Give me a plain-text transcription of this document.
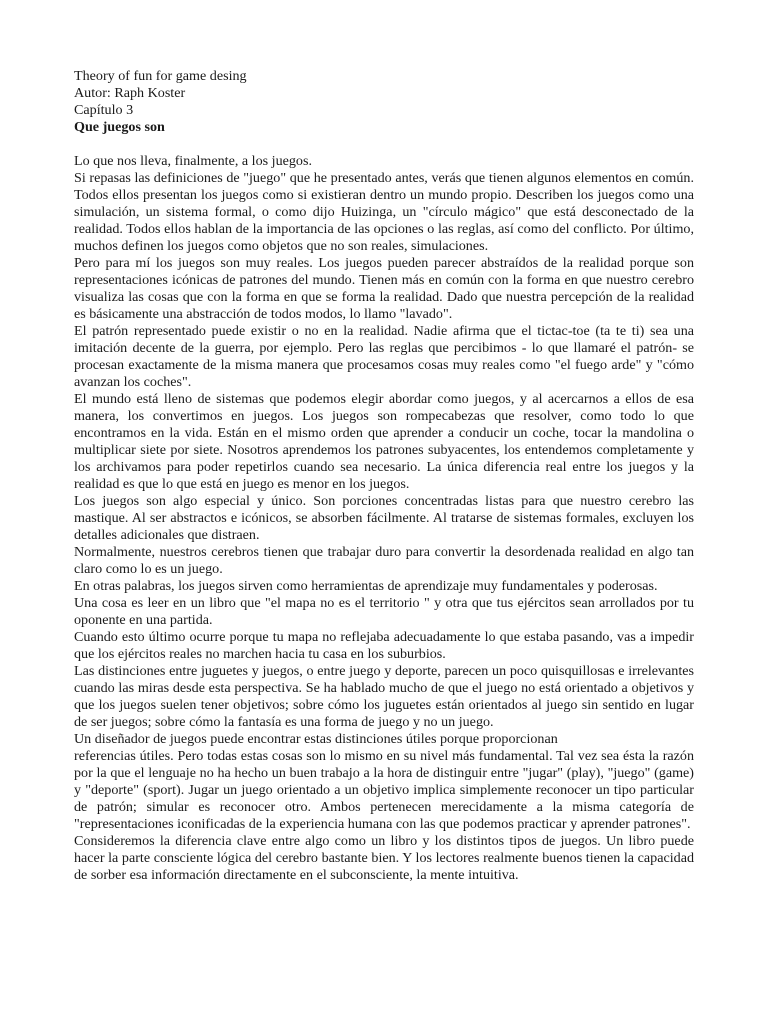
Theory of fun for game desing
Autor: Raph Koster
Capítulo 3
Que juegos son

Lo que nos lleva, finalmente, a los juegos.

Si repasas las definiciones de "juego" que he presentado antes, verás que tienen algunos elementos en común. Todos ellos presentan los juegos como si existieran dentro un mundo propio. Describen los juegos como una simulación, un sistema formal, o como dijo Huizinga, un "círculo mágico" que está desconectado de la realidad. Todos ellos hablan de la importancia de las opciones o las reglas, así como del conflicto. Por último, muchos definen los juegos como objetos que no son reales, simulaciones.

Pero para mí los juegos son muy reales. Los juegos pueden parecer abstraídos de la realidad porque son representaciones icónicas de patrones del mundo. Tienen más en común con la forma en que nuestro cerebro visualiza las cosas que con la forma en que se forma la realidad. Dado que nuestra percepción de la realidad es básicamente una abstracción de todos modos, lo llamo "lavado".

El patrón representado puede existir o no en la realidad. Nadie afirma que el tictac-toe (ta te ti) sea una imitación decente de la guerra, por ejemplo. Pero las reglas que percibimos - lo que llamaré el patrón- se procesan exactamente de la misma manera que procesamos cosas muy reales como "el fuego arde" y "cómo avanzan los coches".

El mundo está lleno de sistemas que podemos elegir abordar como juegos, y al acercarnos a ellos de esa manera, los convertimos en juegos. Los juegos son rompecabezas que resolver, como todo lo que encontramos en la vida. Están en el mismo orden que aprender a conducir un coche, tocar la mandolina o multiplicar siete por siete. Nosotros aprendemos los patrones subyacentes, los entendemos completamente y los archivamos para poder repetirlos cuando sea necesario. La única diferencia real entre los juegos y la realidad es que lo que está en juego es menor en los juegos.

Los juegos son algo especial y único. Son porciones concentradas listas para que nuestro cerebro las mastique. Al ser abstractos e icónicos, se absorben fácilmente. Al tratarse de sistemas formales, excluyen los detalles adicionales que distraen.

Normalmente, nuestros cerebros tienen que trabajar duro para convertir la desordenada realidad en algo tan claro como lo es un juego.

En otras palabras, los juegos sirven como herramientas de aprendizaje muy fundamentales y poderosas.

Una cosa es leer en un libro que "el mapa no es el territorio " y otra que tus ejércitos sean arrollados por tu oponente en una partida.

Cuando esto último ocurre porque tu mapa no reflejaba adecuadamente lo que estaba pasando, vas a impedir que los ejércitos reales no marchen hacia tu casa en los suburbios.

Las distinciones entre juguetes y juegos, o entre juego y deporte, parecen un poco quisquillosas e irrelevantes cuando las miras desde esta perspectiva. Se ha hablado mucho de que el juego no está orientado a objetivos y que los juegos suelen tener objetivos; sobre cómo los juguetes están orientados al juego sin sentido en lugar de ser juegos; sobre cómo la fantasía es una forma de juego y no un juego.

Un diseñador de juegos puede encontrar estas distinciones útiles porque proporcionan

referencias útiles. Pero todas estas cosas son lo mismo en su nivel más fundamental. Tal vez sea ésta la razón por la que el lenguaje no ha hecho un buen trabajo a la hora de distinguir entre "jugar" (play), "juego" (game) y "deporte" (sport). Jugar un juego orientado a un objetivo implica simplemente reconocer un tipo particular de patrón; simular es reconocer otro. Ambos pertenecen merecidamente a la misma categoría de "representaciones iconificadas de la experiencia humana con las que podemos practicar y aprender patrones".

Consideremos la diferencia clave entre algo como un libro y los distintos tipos de juegos. Un libro puede hacer la parte consciente lógica del cerebro bastante bien. Y los lectores realmente buenos tienen la capacidad de sorber esa información directamente en el subconsciente, la mente intuitiva.
